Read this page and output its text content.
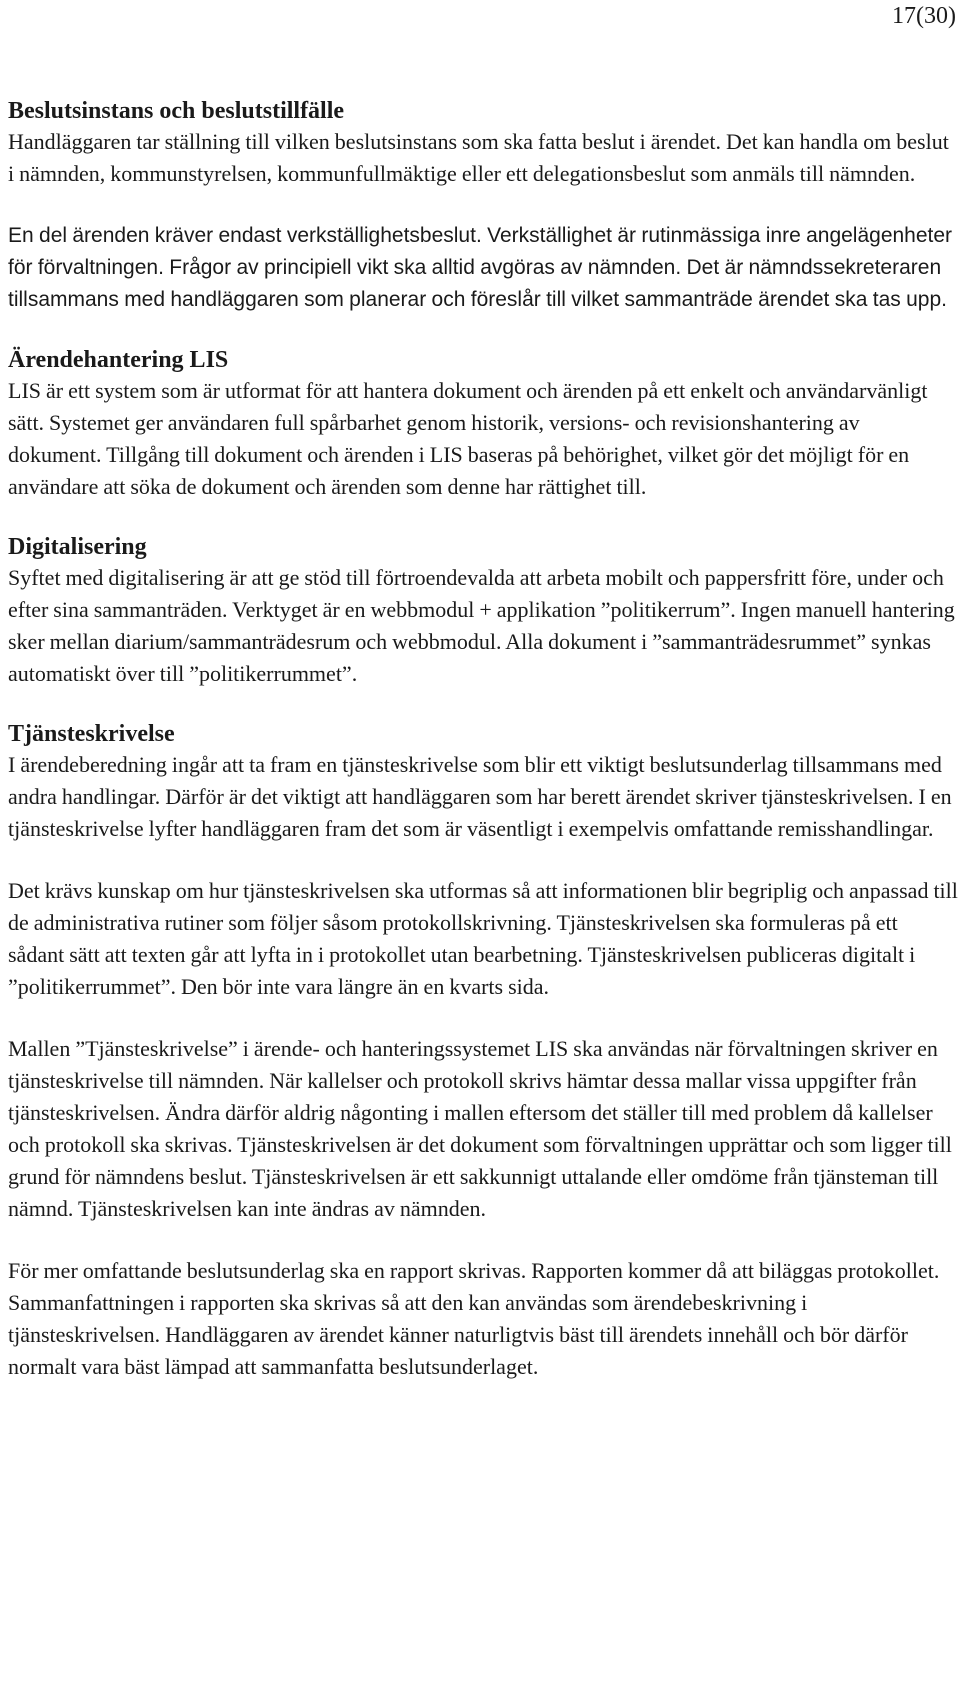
17(30)
Beslutsinstans och beslutstillfälle

Handläggaren tar ställning till vilken beslutsinstans som ska fatta beslut i ärendet. Det kan handla om beslut i nämnden, kommunstyrelsen, kommunfullmäktige eller ett delegationsbeslut som anmäls till nämnden.

En del ärenden kräver endast verkställighetsbeslut. Verkställighet är rutinmässiga inre angelägenheter för förvaltningen. Frågor av principiell vikt ska alltid avgöras av nämnden. Det är nämndssekreteraren tillsammans med handläggaren som planerar och föreslår till vilket sammanträde ärendet ska tas upp.

Ärendehantering LIS

LIS är ett system som är utformat för att hantera dokument och ärenden på ett enkelt och användarvänligt sätt. Systemet ger användaren full spårbarhet genom historik, versions- och revisionshantering av dokument. Tillgång till dokument och ärenden i LIS baseras på behörighet, vilket gör det möjligt för en användare att söka de dokument och ärenden som denne har rättighet till.

Digitalisering

Syftet med digitalisering är att ge stöd till förtroendevalda att arbeta mobilt och pappersfritt före, under och efter sina sammanträden. Verktyget är en webbmodul + applikation ”politikerrum”. Ingen manuell hantering sker mellan diarium/sammanträdesrum och webbmodul. Alla dokument i ”sammanträdesrummet” synkas automatiskt över till ”politikerrummet”.

Tjänsteskrivelse

I ärendeberedning ingår att ta fram en tjänsteskrivelse som blir ett viktigt beslutsunderlag tillsammans med andra handlingar. Därför är det viktigt att handläggaren som har berett ärendet skriver tjänsteskrivelsen. I en tjänsteskrivelse lyfter handläggaren fram det som är väsentligt i exempelvis omfattande remisshandlingar.

Det krävs kunskap om hur tjänsteskrivelsen ska utformas så att informationen blir begriplig och anpassad till de administrativa rutiner som följer såsom protokollskrivning. Tjänsteskrivelsen ska formuleras på ett sådant sätt att texten går att lyfta in i protokollet utan bearbetning. Tjänsteskrivelsen publiceras digitalt i ”politikerrummet”. Den bör inte vara längre än en kvarts sida.

Mallen ”Tjänsteskrivelse” i ärende- och hanteringssystemet LIS ska användas när förvaltningen skriver en tjänsteskrivelse till nämnden. När kallelser och protokoll skrivs hämtar dessa mallar vissa uppgifter från tjänsteskrivelsen. Ändra därför aldrig någonting i mallen eftersom det ställer till med problem då kallelser och protokoll ska skrivas. Tjänsteskrivelsen är det dokument som förvaltningen upprättar och som ligger till grund för nämndens beslut. Tjänsteskrivelsen är ett sakkunnigt uttalande eller omdöme från tjänsteman till nämnd. Tjänsteskrivelsen kan inte ändras av nämnden.

För mer omfattande beslutsunderlag ska en rapport skrivas. Rapporten kommer då att biläggas protokollet. Sammanfattningen i rapporten ska skrivas så att den kan användas som ärendebeskrivning i tjänsteskrivelsen. Handläggaren av ärendet känner naturligtvis bäst till ärendets innehåll och bör därför normalt vara bäst lämpad att sammanfatta beslutsunderlaget.
